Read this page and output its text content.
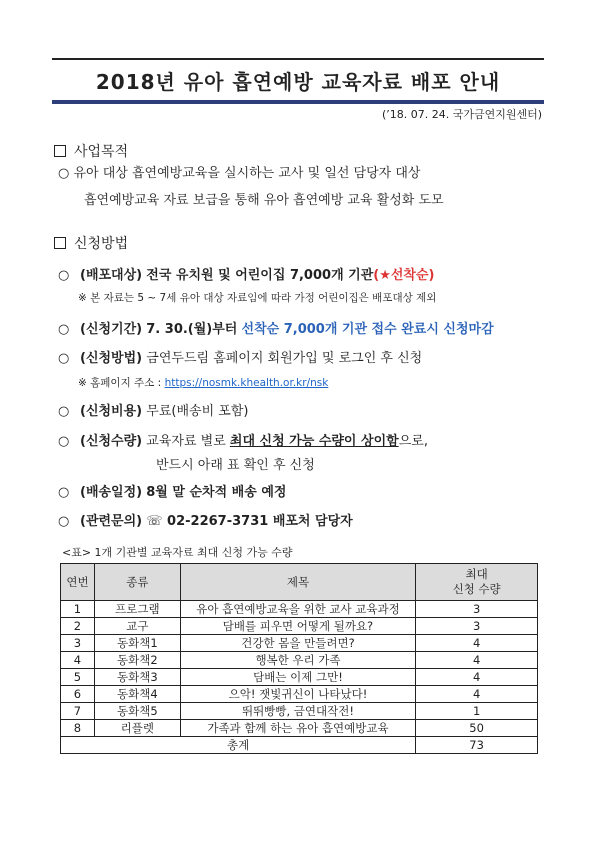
2018년 유아 흡연예방 교육자료 배포 안내
(’18. 07. 24. 국가금연지원센터)
사업목적
○ 유아 대상 흡연예방교육을 실시하는 교사 및 일선 담당자 대상
흡연예방교육 자료 보급을 통해 유아 흡연예방 교육 활성화 도모
신청방법
○ (배포대상)
전국 유치원 및 어린이집 7,000개 기관 (★선착순)
※ 본 자료는 5 ~ 7세 유아 대상 자료임에 따라 가정 어린이집은 배포대상 제외
○ (신청기간)
7. 30.(월)부터
선착순 7,000개 기관 접수 완료시 신청마감
○ (신청방법)
금연두드림 홈페이지 회원가입 및 로그인 후 신청
※ 홈페이지 주소 : https://nosmk.khealth.or.kr/nsk
○ (신청비용)
무료(배송비 포함)
○ (신청수량)
교육자료 별로
최대 신청 가능 수량이 상이함 으로,
반드시 아래 표 확인 후 신청
○ (배송일정)
8월 말 순차적 배송 예정
○ (관련문의)
☏ 02-2267-3731 배포처 담당자
<표> 1개 기관별 교육자료 최대 신청 가능 수량
연번	종류	제목	최대
신청 수량
1	프로그램	유아 흡연예방교육을 위한 교사 교육과정	3
2	교구	담배를 피우면 어떻게 될까요?	3
3	동화책1	건강한 몸을 만들려면?	4
4	동화책2	행복한 우리 가족	4
5	동화책3	담배는 이제 그만!	4
6	동화책4	으악! 잿빛귀신이 나타났다!	4
7	동화책5	뛰뛰빵빵, 금연대작전!	1
8	리플렛	가족과 함께 하는 유아 흡연예방교육	50
총계			73
